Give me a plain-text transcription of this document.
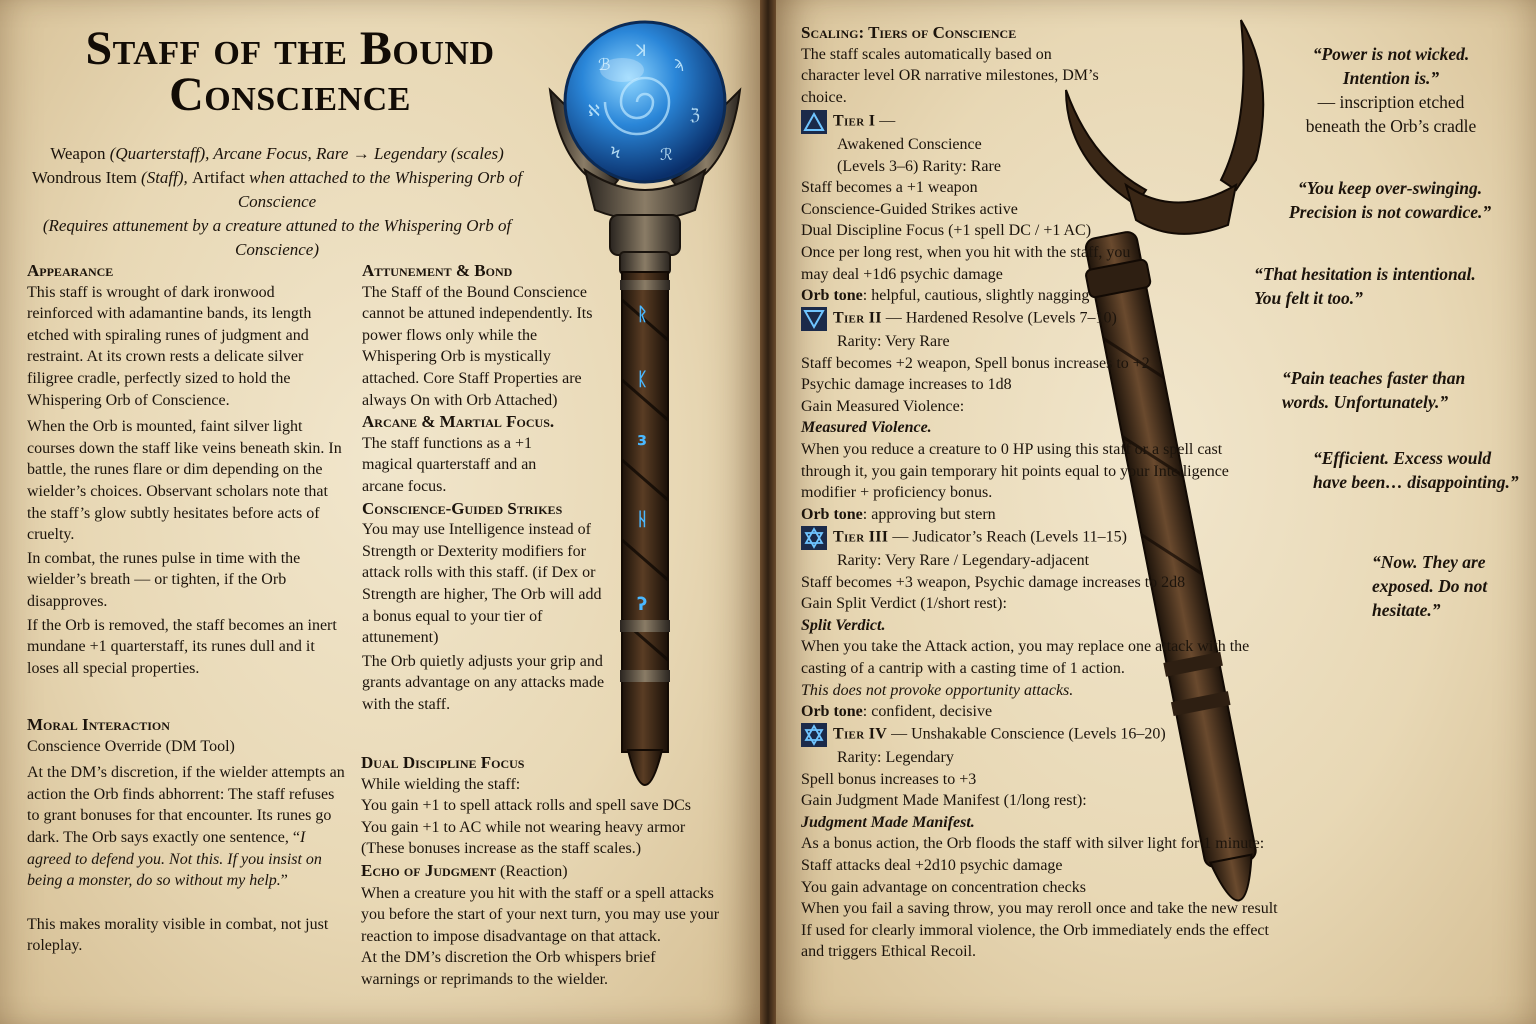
ℬ
ꓘ
ϡ
ℵ	ℨ
Ϟ ℛ
ᚱ
ᛕ
ɜ
ᚺ
ʔ
Staff of the Bound Conscience
Weapon (Quarterstaff), Arcane Focus, Rare → Legendary (scales)
Wondrous Item (Staff), Artifact when attached to the Whispering Orb of Conscience
(Requires attunement by a creature attuned to the Whispering Orb of Conscience)

Appearance

This staff is wrought of dark ironwood reinforced with adamantine bands, its length etched with spiraling runes of judgment and restraint. At its crown rests a delicate silver filigree cradle, perfectly sized to hold the Whispering Orb of Conscience.

When the Orb is mounted, faint silver light courses down the staff like veins beneath skin. In battle, the runes flare or dim depending on the wielder’s choices. Observant scholars note that the staff’s glow subtly hesitates before acts of cruelty.

In combat, the runes pulse in time with the wielder’s breath — or tighten, if the Orb disapproves.

If the Orb is removed, the staff becomes an inert mundane +1 quarterstaff, its runes dull and it loses all special properties.

Moral Interaction

Conscience Override (DM Tool)

At the DM’s discretion, if the wielder attempts an action the Orb finds abhorrent: The staff refuses to grant bonuses for that encounter. Its runes go dark. The Orb says exactly one sentence, “I agreed to defend you. Not this. If you insist on being a monster, do so without my help.”

This makes morality visible in combat, not just roleplay.

Attunement & Bond

The Staff of the Bound Conscience cannot be attuned independently. Its power flows only while the Whispering Orb is mystically attached. Core Staff Properties are always On with Orb Attached)

Arcane & Martial Focus.

The staff functions as a +1 magical quarterstaff and an arcane focus.

Conscience-Guided Strikes

You may use Intelligence instead of Strength or Dexterity modifiers for attack rolls with this staff. (if Dex or Strength are higher, The Orb will add a bonus equal to your tier of attunement)

The Orb quietly adjusts your grip and grants advantage on any attacks made with the staff.

Dual Discipline Focus

While wielding the staff:

You gain +1 to spell attack rolls and spell save DCs

You gain +1 to AC while not wearing heavy armor

(These bonuses increase as the staff scales.)

Echo of Judgment (Reaction)

When a creature you hit with the staff or a spell attacks you before the start of your next turn, you may use your reaction to impose disadvantage on that attack.

At the DM’s discretion the Orb whispers brief warnings or reprimands to the wielder.

Scaling: Tiers of Conscience

The staff scales automatically based on character level OR narrative milestones, DM’s choice.

Tier I —

Awakened Conscience

(Levels 3–6) Rarity: Rare

Staff becomes a +1 weapon

Conscience-Guided Strikes active

Dual Discipline Focus (+1 spell DC / +1 AC)

Once per long rest, when you hit with the staff, you may deal +1d6 psychic damage

Orb tone: helpful, cautious, slightly nagging

Tier II — Hardened Resolve (Levels 7–10)

Rarity: Very Rare

Staff becomes +2 weapon, Spell bonus increases to +2

Psychic damage increases to 1d8

Gain Measured Violence:

Measured Violence.

When you reduce a creature to 0 HP using this staff or a spell cast through it, you gain temporary hit points equal to your Intelligence modifier + proficiency bonus.

Orb tone: approving but stern

Tier III — Judicator’s Reach (Levels 11–15)

Rarity: Very Rare / Legendary-adjacent

Staff becomes +3 weapon, Psychic damage increases to 2d8

Gain Split Verdict (1/short rest):

Split Verdict.

When you take the Attack action, you may replace one attack with the casting of a cantrip with a casting time of 1 action.

This does not provoke opportunity attacks.

Orb tone: confident, decisive

Tier IV — Unshakable Conscience (Levels 16–20)

Rarity: Legendary

Spell bonus increases to +3

Gain Judgment Made Manifest (1/long rest):

Judgment Made Manifest.

As a bonus action, the Orb floods the staff with silver light for 1 minute:

Staff attacks deal +2d10 psychic damage

You gain advantage on concentration checks

When you fail a saving throw, you may reroll once and take the new result

If used for clearly immoral violence, the Orb immediately ends the effect and triggers Ethical Recoil.

“Power is not wicked.

Intention is.”

— inscription etched

beneath the Orb’s cradle

“You keep over-swinging. Precision is not cowardice.”
“That hesitation is intentional. You felt it too.”
“Pain teaches faster than words. Unfortunately.”
“Efficient. Excess would have been… disappointing.”
“Now. They are exposed. Do not hesitate.”
